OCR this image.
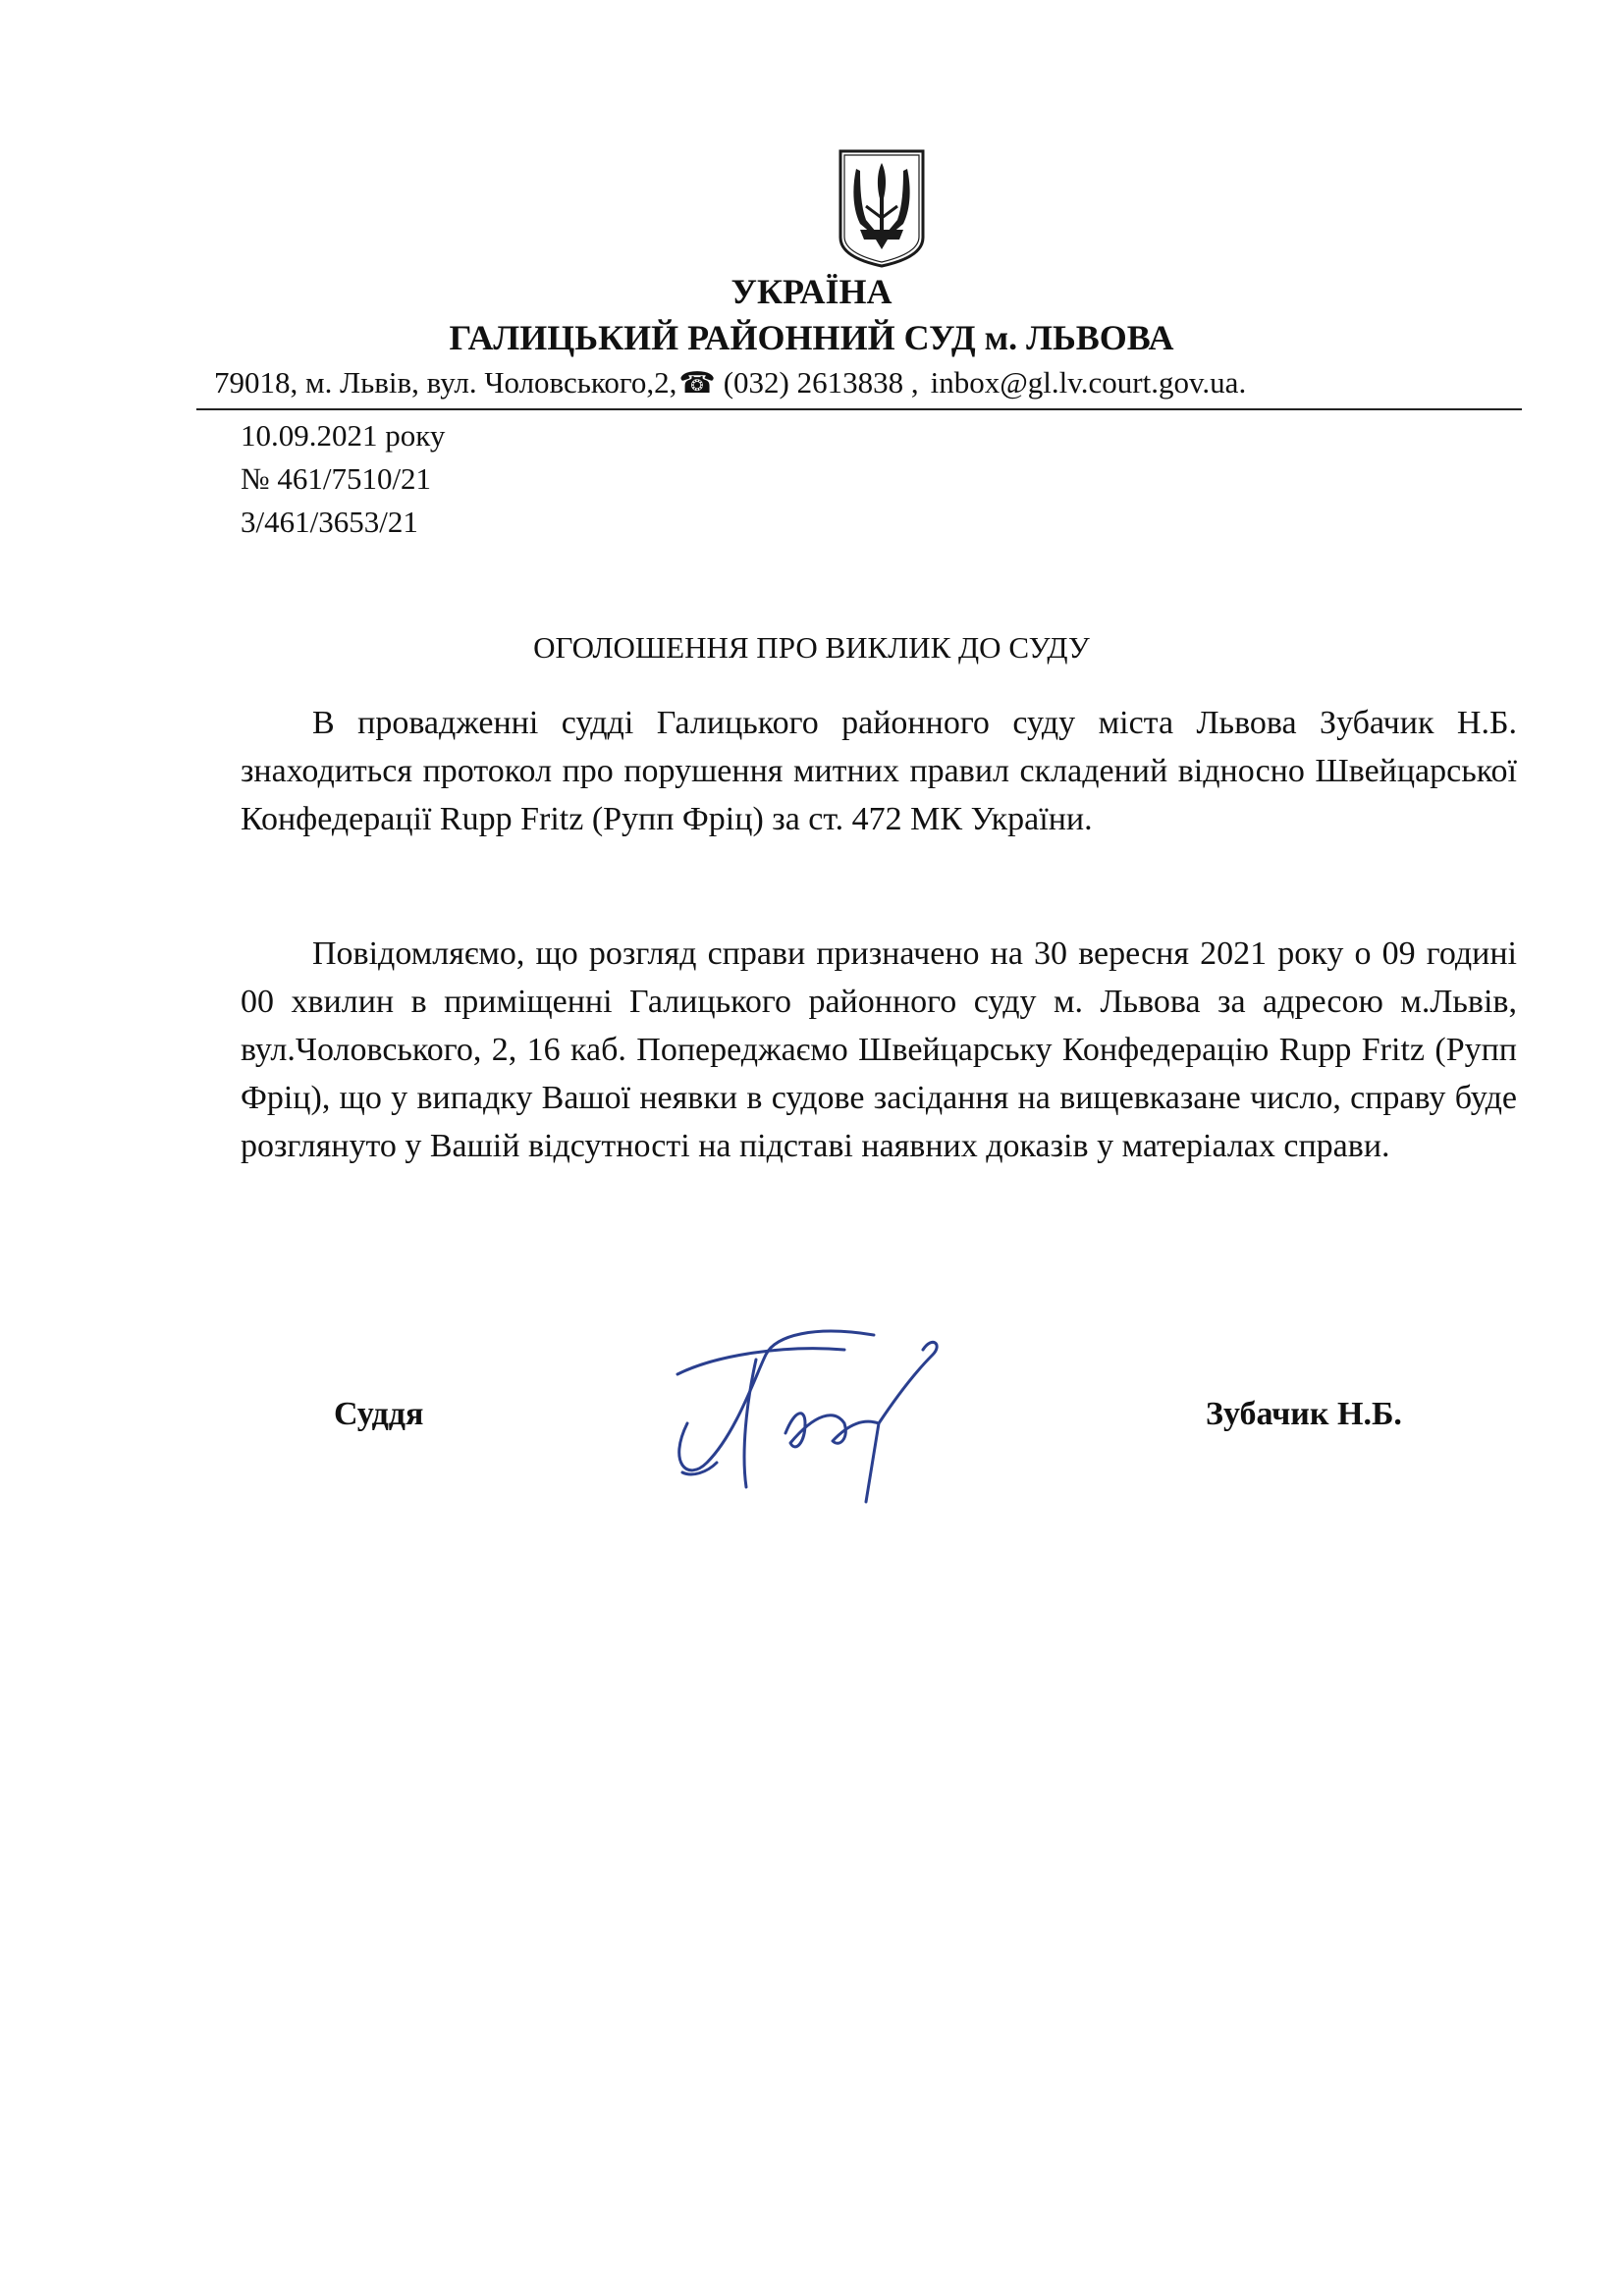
УКРАЇНА
ГАЛИЦЬКИЙ РАЙОННИЙ СУД м. ЛЬВОВА
79018, м. Львів, вул. Чоловського,2, ☎ (032) 2613838 , inbox@gl.lv.court.gov.ua.
10.09.2021 року
№ 461/7510/21
3/461/3653/21
ОГОЛОШЕННЯ ПРО ВИКЛИК ДО СУДУ
В провадженні судді Галицького районного суду міста Львова Зубачик Н.Б. знаходиться протокол про порушення митних правил складений відносно Швейцарської Конфедерації Rupp Fritz (Рупп Фріц) за ст. 472 МК України.
Повідомляємо, що розгляд справи призначено на 30 вересня 2021 року о 09 годині 00 хвилин в приміщенні Галицького районного суду м. Львова за адресою м.Львів, вул.Чоловського, 2, 16 каб. Попереджаємо Швейцарську Конфедерацію Rupp Fritz (Рупп Фріц), що у випадку Вашої неявки в судове засідання на вищевказане число, справу буде розглянуто у Вашій відсутності на підставі наявних доказів у матеріалах справи.
Суддя	Зубачик Н.Б.
